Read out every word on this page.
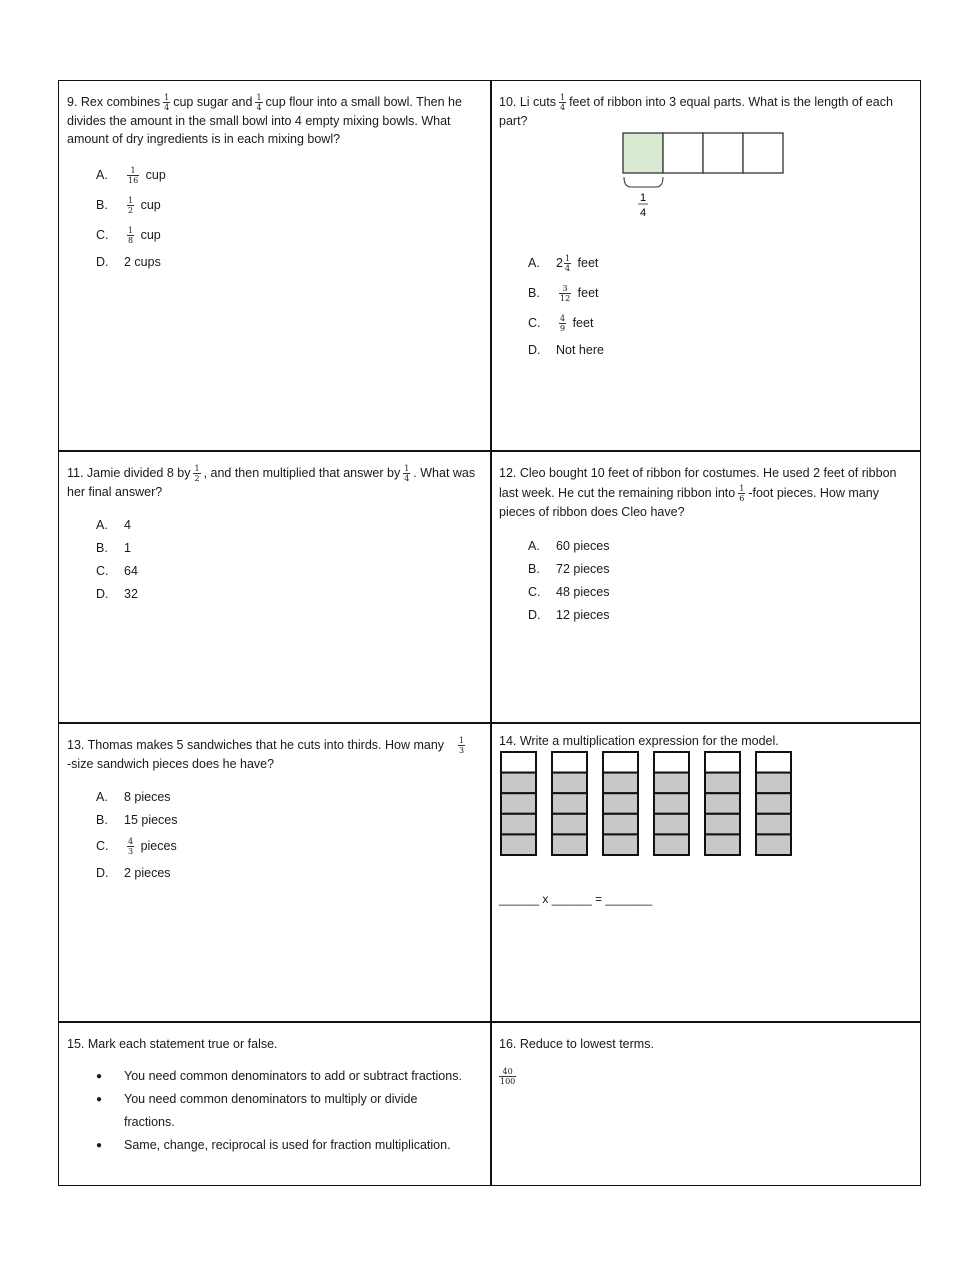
9. Rex combines $\frac{1}{4}$ cup sugar and $\frac{1}{4}$ cup flour into a small bowl. Then he divides the amount in the small bowl into 4 empty mixing bowls. What amount of dry ingredients is in each mixing bowl?
A.	$\frac{1}{16}$
cup
B.	$\frac{1}{2}$
cup
C.	$\frac{1}{8}$
cup
D.	2 cups
10. Li cuts $\frac{1}{4}$ feet of ribbon into 3 equal parts. What is the length of each part?
1
4
A.	$2 \frac{1}{4}$
feet
B.	$\frac{3}{12}$
feet
C.	$\frac{4}{9}$
feet
D.	Not here
11. Jamie divided 8 by $\frac{1}{2}$ , and then multiplied that answer by $\frac{1}{4}$ . What was her final answer?
A.	4
B.	1
C.	64
D.	32
12. Cleo bought 10 feet of ribbon for costumes. He used 2 feet of ribbon last week. He cut the remaining ribbon into $\frac{1}{6}$ -foot pieces. How many pieces of ribbon does Cleo have?
A.	60 pieces
B.	72 pieces
C.	48 pieces
D.	12 pieces
13. Thomas makes 5 sandwiches that he cuts into thirds. How many $\frac{1}{3}$

-size sandwich pieces does he have?
A.	8 pieces
B.	15 pieces
C.	$\frac{4}{3}$
pieces
D.	2 pieces
14. Write a multiplication expression for the model.
______ x ______ = _______
15. Mark each statement true or false.
●	You need common denominators to add or subtract fractions.
●	You need common denominators to multiply or divide fractions.
●	Same, change, reciprocal is used for fraction multiplication.
16. Reduce to lowest terms.
$\frac{40}{100}$
